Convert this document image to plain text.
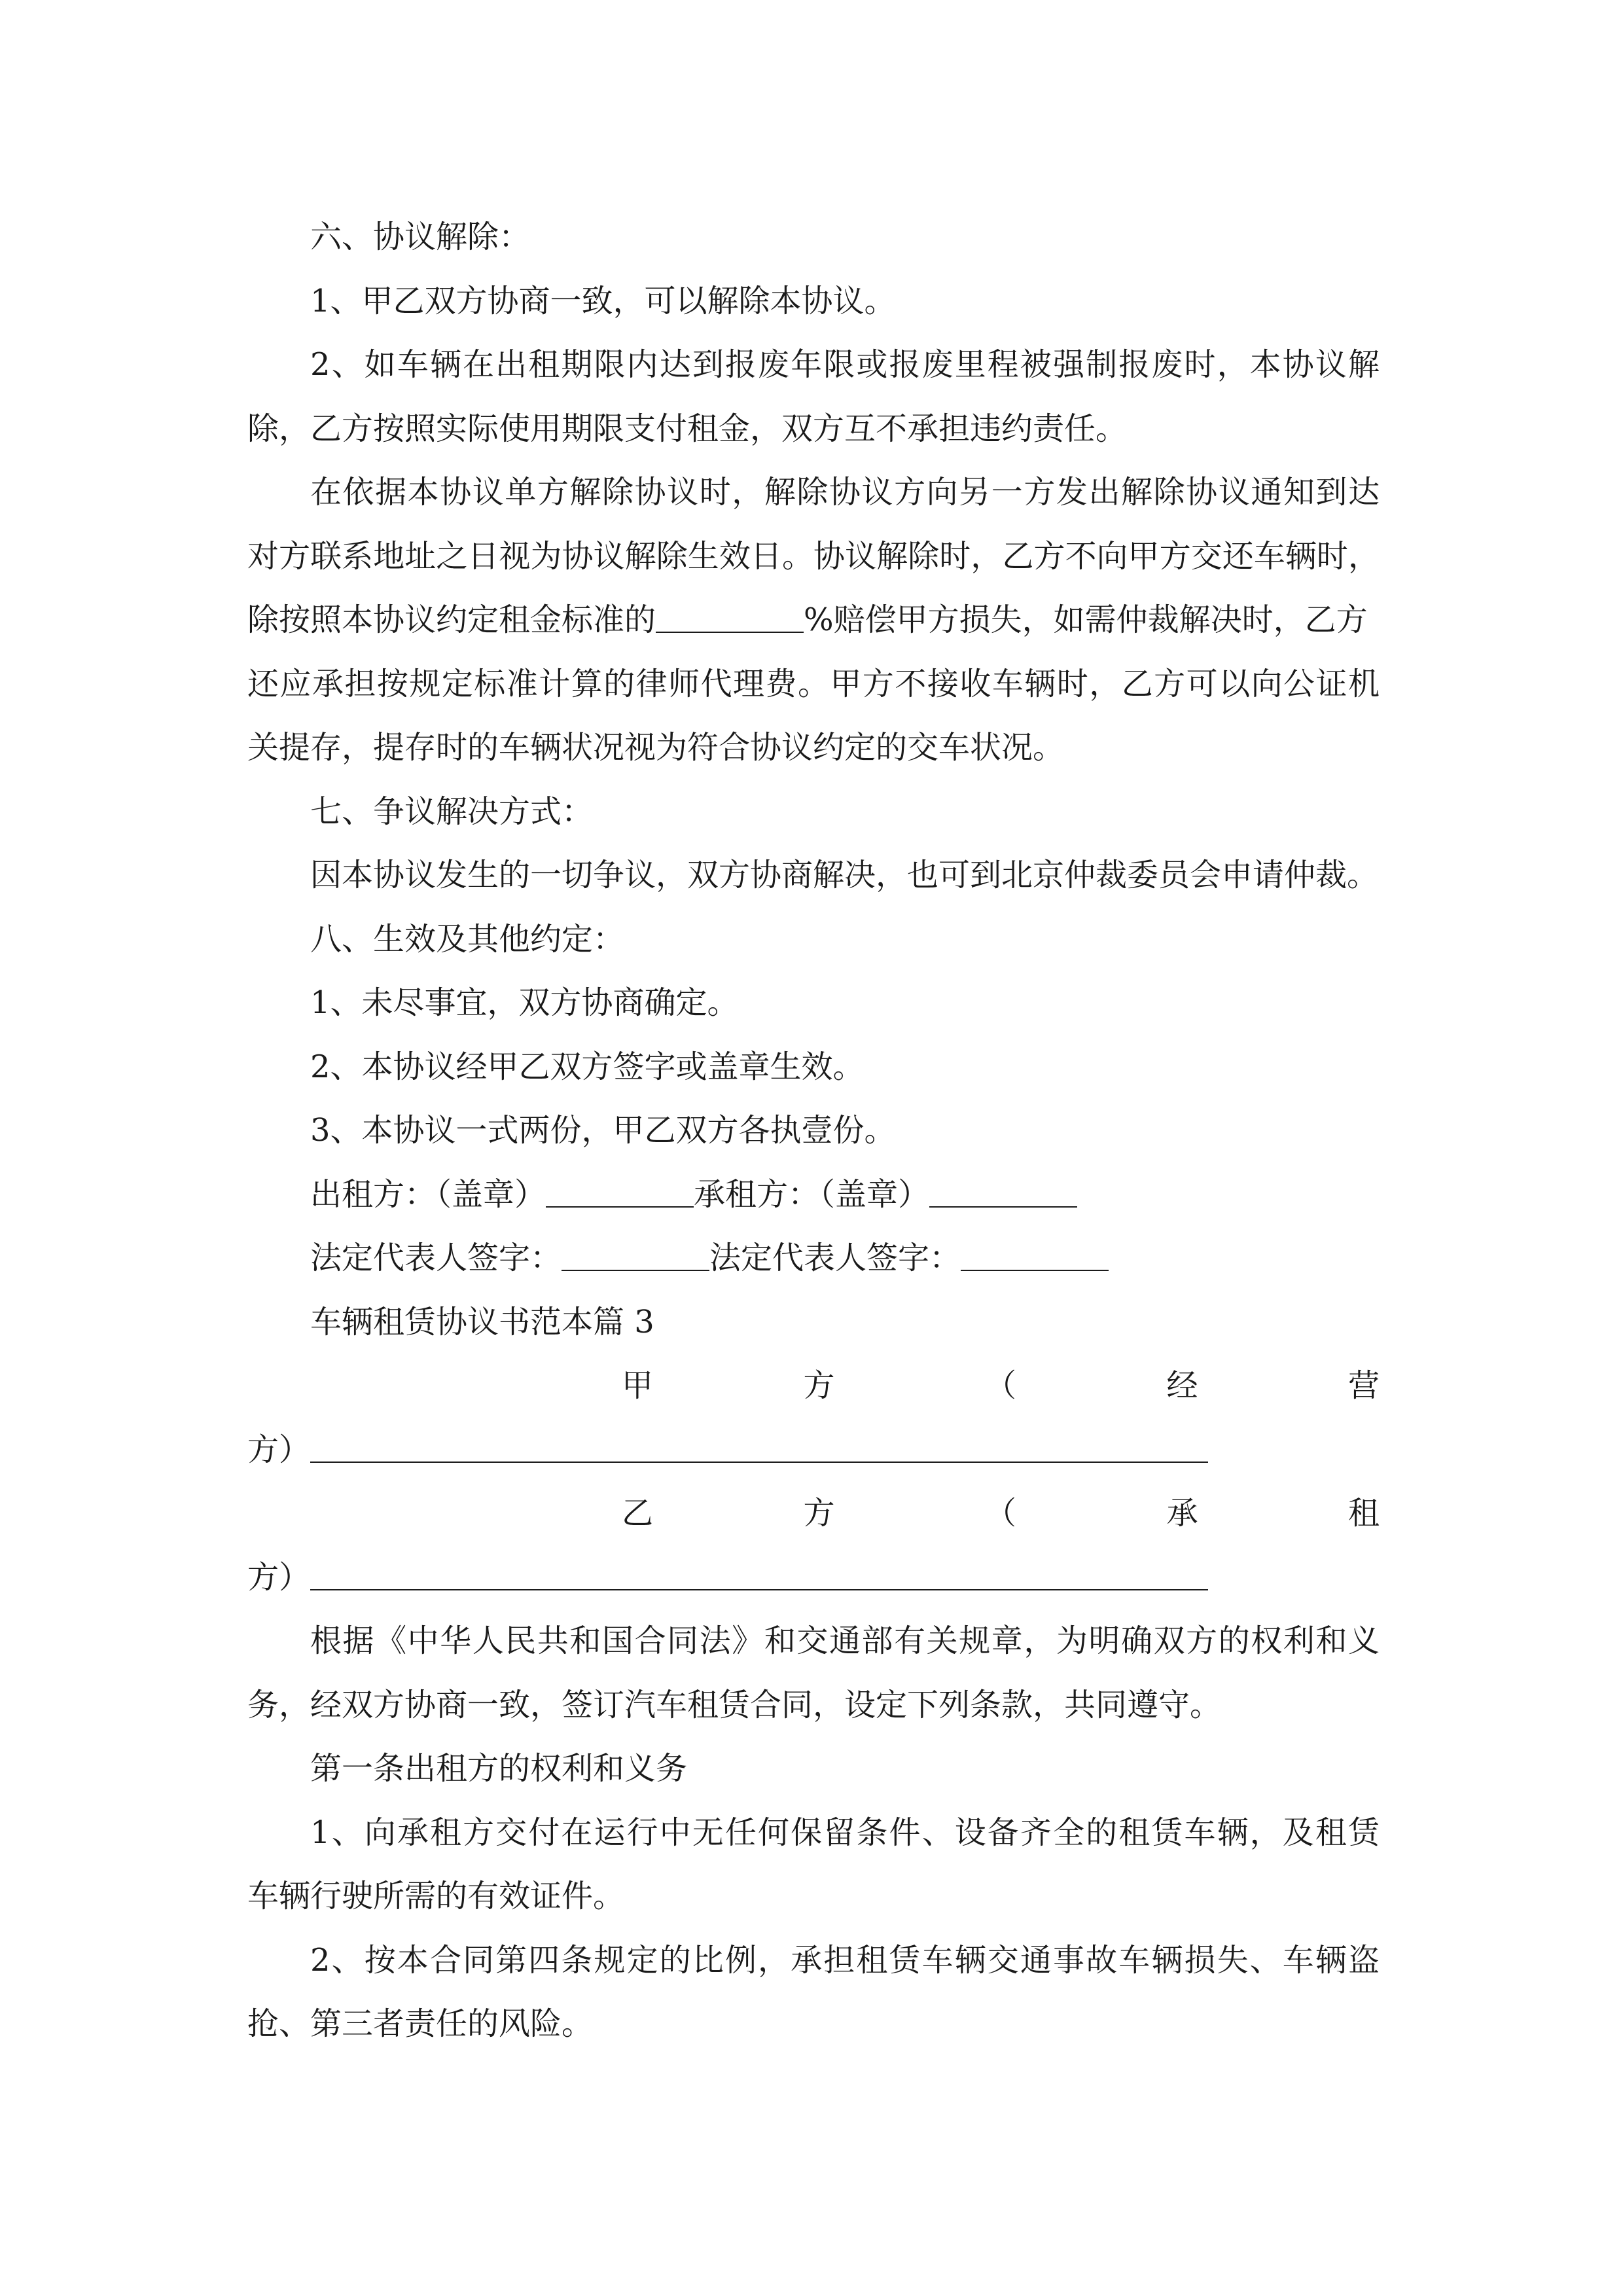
六、协议解除：

1、甲乙双方协商一致，可以解除本协议。

2、如车辆在出租期限内达到报废年限或报废里程被强制报废时，本协议解

除，乙方按照实际使用期限支付租金，双方互不承担违约责任。

在依据本协议单方解除协议时，解除协议方向另一方发出解除协议通知到达

对方联系地址之日视为协议解除生效日。协议解除时，乙方不向甲方交还车辆时，

除按照本协议约定租金标准的	%赔偿甲方损失，如需仲裁解决时，乙方

还应承担按规定标准计算的律师代理费。甲方不接收车辆时，乙方可以向公证机

关提存，提存时的车辆状况视为符合协议约定的交车状况。

七、争议解决方式：

因本协议发生的一切争议，双方协商解决，也可到北京仲裁委员会申请仲裁。

八、生效及其他约定：

1、未尽事宜，双方协商确定。

2、本协议经甲乙双方签字或盖章生效。

3、本协议一式两份，甲乙双方各执壹份。

出租方：（盖章）	承租方：（盖章）

法定代表人签字：	法定代表人签字：

车辆租赁协议书范本篇 3

甲	方	（	经	营

方）

乙	方	（	承	租

方）

根据《中华人民共和国合同法》和交通部有关规章，为明确双方的权利和义

务，经双方协商一致，签订汽车租赁合同，设定下列条款，共同遵守。

第一条出租方的权利和义务

1、向承租方交付在运行中无任何保留条件、设备齐全的租赁车辆，及租赁

车辆行驶所需的有效证件。

2、按本合同第四条规定的比例，承担租赁车辆交通事故车辆损失、车辆盗

抢、第三者责任的风险。
